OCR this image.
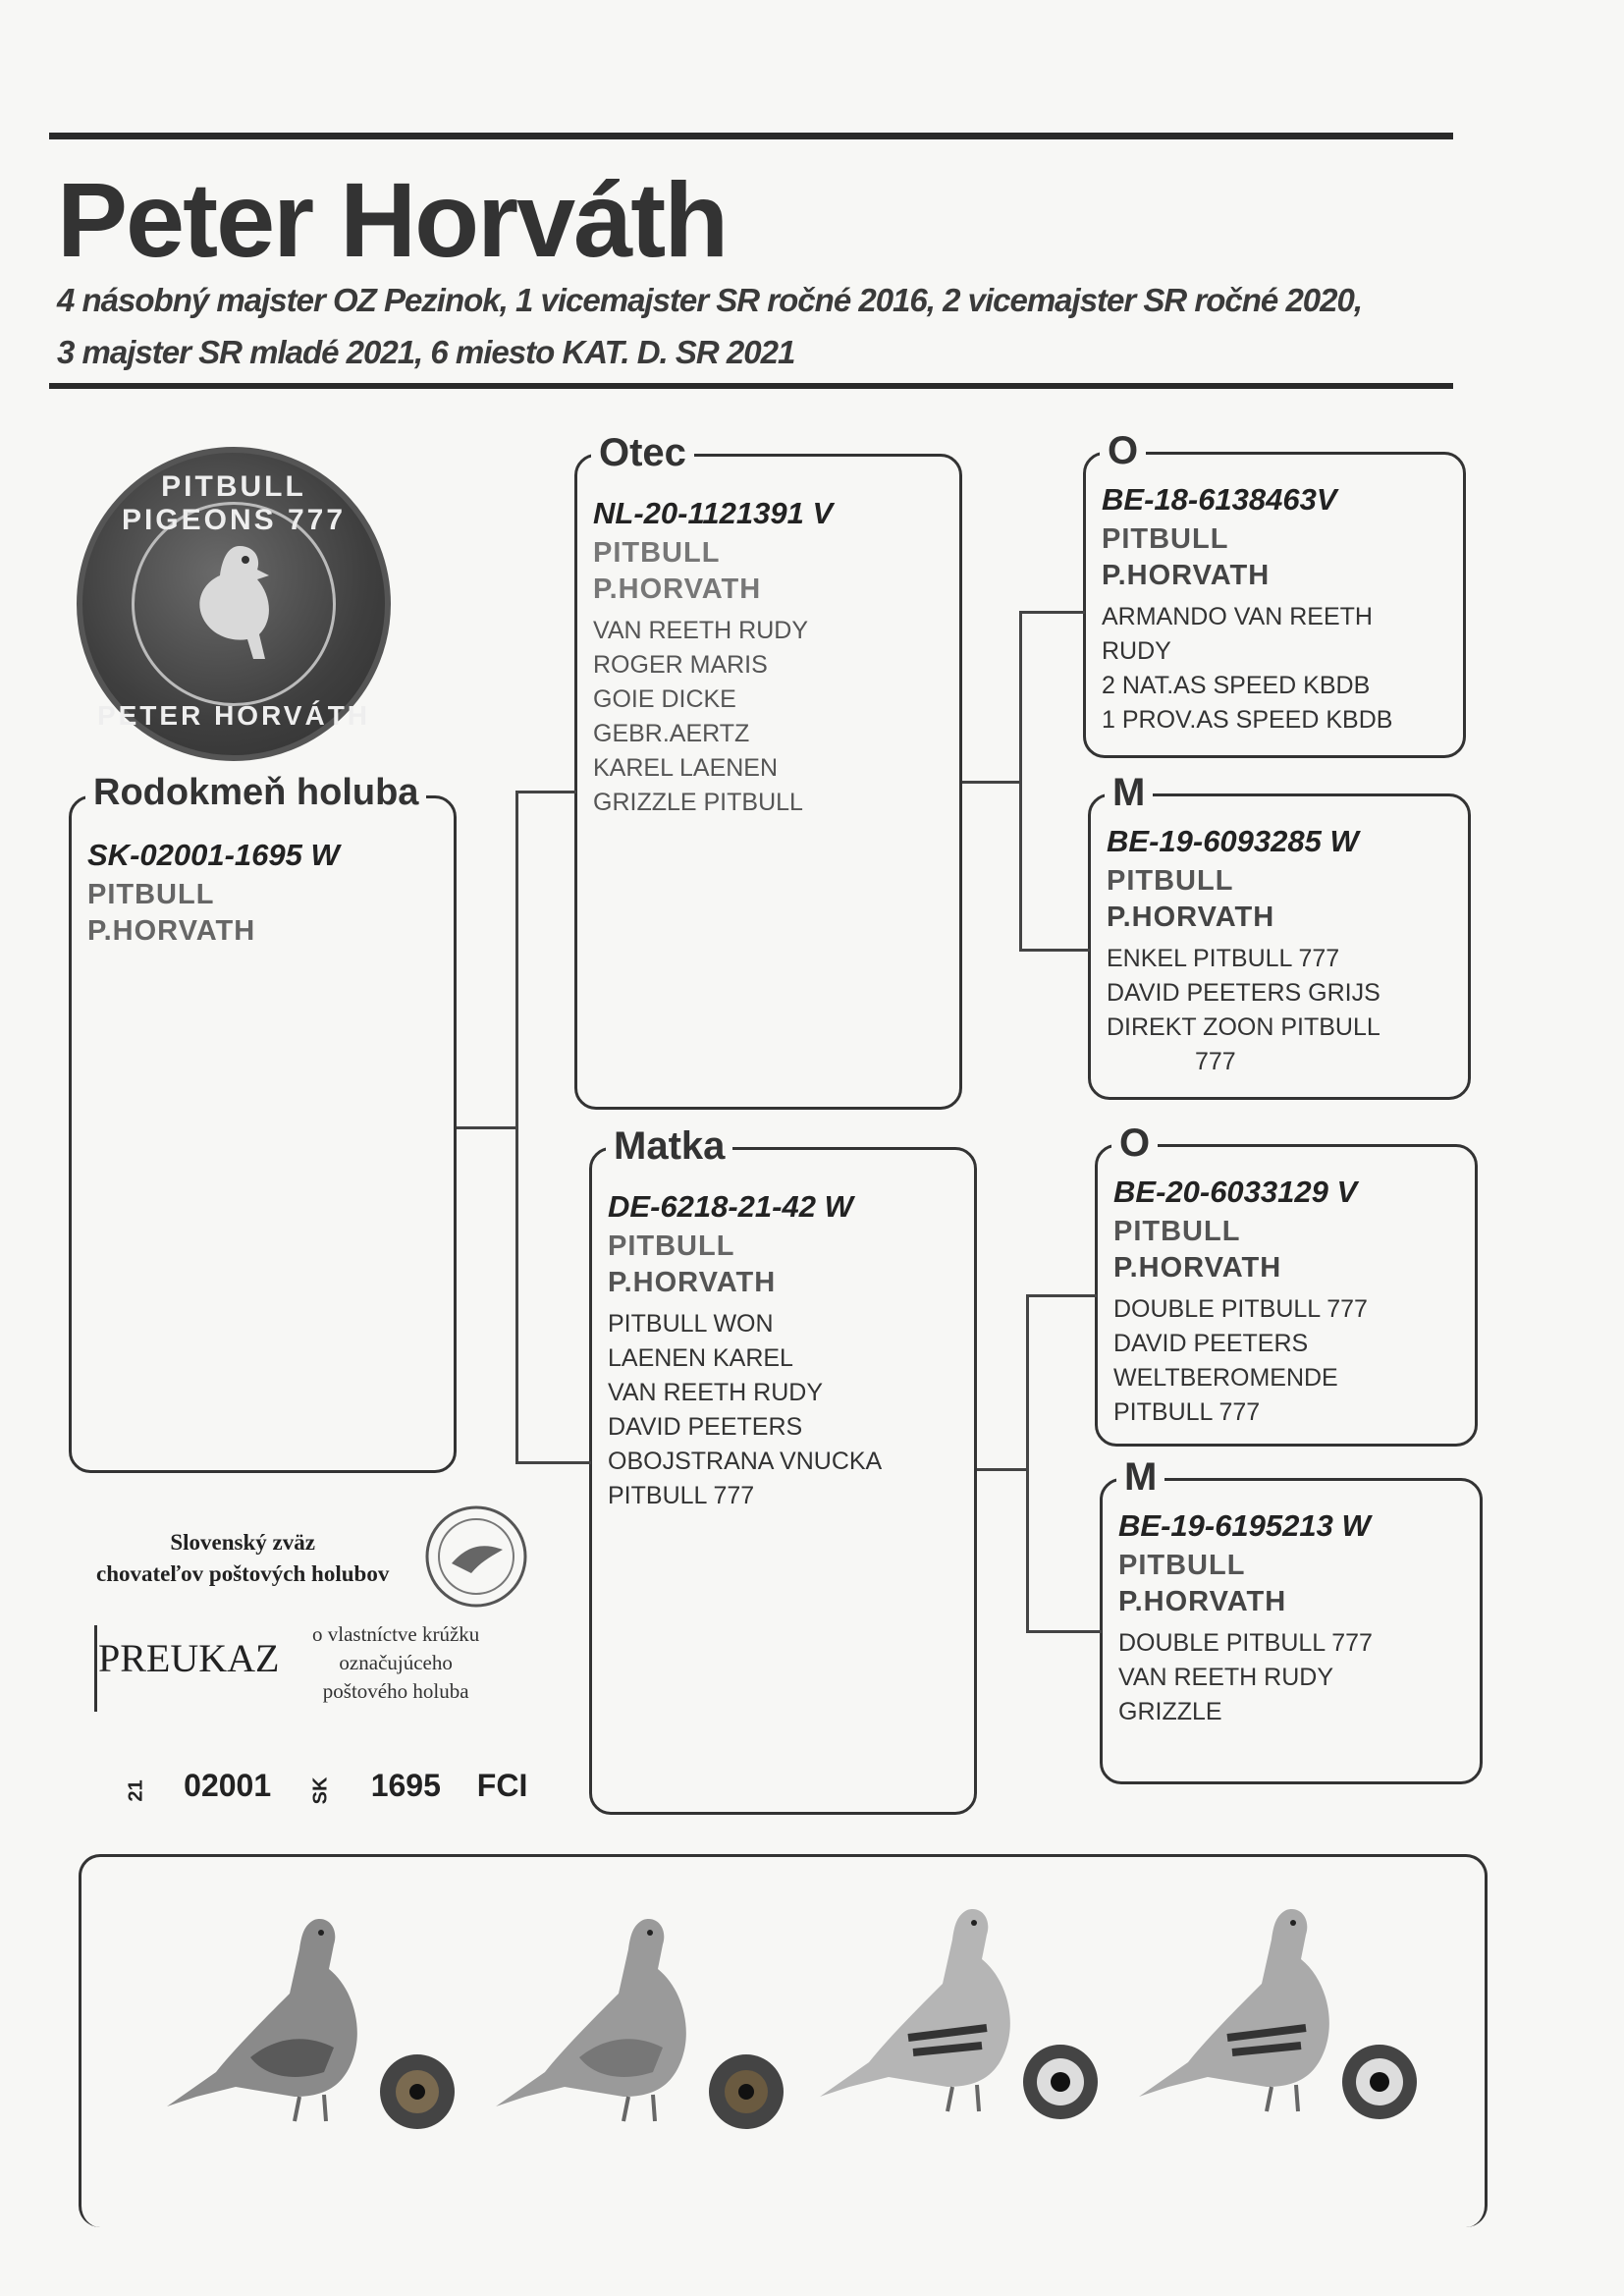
Peter Horváth
4 násobný majster OZ Pezinok, 1 vicemajster SR ročné 2016, 2 vicemajster SR ročné 2020,
3 majster SR mladé 2021, 6 miesto KAT. D. SR 2021
PITBULL PIGEONS 777
PETER HORVÁTH
Rodokmeň holuba
SK-02001-1695 W
PITBULL
P.HORVATH
Otec
NL-20-1121391 V
PITBULL
P.HORVATH
VAN REETH RUDY
ROGER MARIS
GOIE DICKE
GEBR.AERTZ
KAREL LAENEN
GRIZZLE PITBULL
Matka
DE-6218-21-42 W
PITBULL
P.HORVATH
PITBULL WON
LAENEN KAREL
VAN REETH RUDY
DAVID PEETERS
OBOJSTRANA VNUCKA
PITBULL 777
O
BE-18-6138463V
PITBULL
P.HORVATH
ARMANDO VAN REETH
RUDY
2 NAT.AS SPEED KBDB
1 PROV.AS SPEED KBDB
M
BE-19-6093285 W
PITBULL
P.HORVATH
ENKEL PITBULL 777
DAVID PEETERS GRIJS
DIREKT ZOON PITBULL
777
O
BE-20-6033129 V
PITBULL
P.HORVATH
DOUBLE PITBULL 777
DAVID PEETERS
WELTBEROMENDE
PITBULL 777
M
BE-19-6195213 W
PITBULL
P.HORVATH
DOUBLE PITBULL 777
VAN REETH RUDY
GRIZZLE
Slovenský zväz
chovateľov poštových holubov
PREUKAZ
o vlastníctve krúžku
označujúceho
poštového holuba
21 02001 SK 1695 FCI
